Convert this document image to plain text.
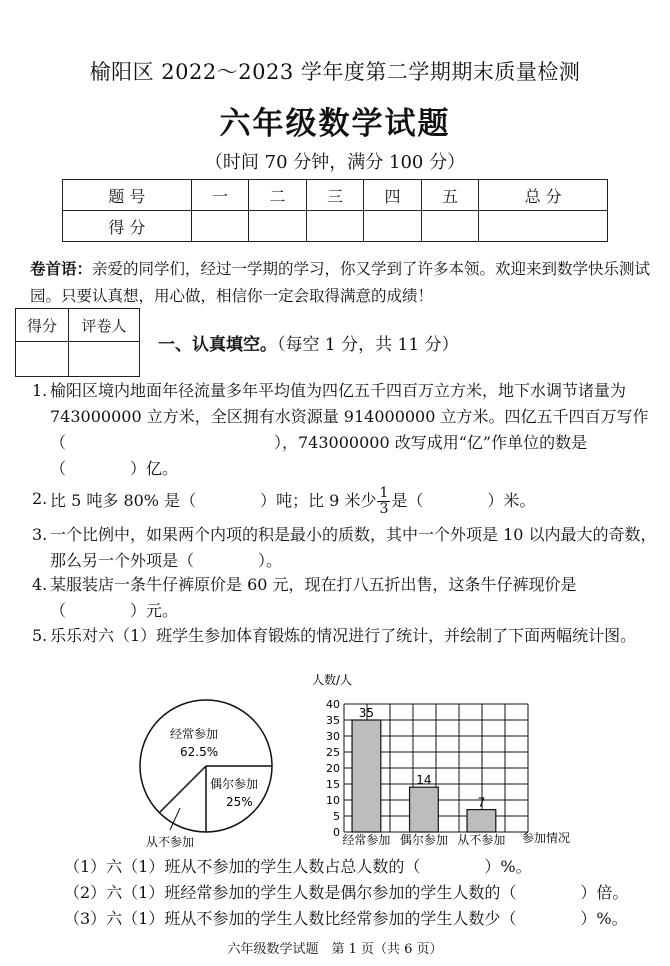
榆阳区 2022～2023 学年度第二学期期末质量检测
六年级数学试题
（时间 70 分钟，满分 100 分）
题 号	一	二	三	四	五	总 分
得 分						
卷首语：亲爱的同学们，经过一学期的学习，你又学到了许多本领。欢迎来到数学快乐测试园。只要认真想，用心做，相信你一定会取得满意的成绩！
得分	评卷人

一、认真填空。（每空 1 分，共 11 分）
1. 榆阳区境内地面年径流量多年平均值为四亿五千四百万立方米，地下水调节诸量为 743000000 立方米，全区拥有水资源量 914000000 立方米。四亿五千四百万写作（　　　　　　　　　　　　　），743000000 改写成用“亿”作单位的数是（　　　　）亿。
2. 比 5 吨多 80% 是（　　　　）吨；比 9 米少 $\frac{1}{3}$ 是（　　　　）米。
3. 一个比例中，如果两个内项的积是最小的质数，其中一个外项是 10 以内最大的奇数，那么另一个外项是（　　　　）。
4. 某服装店一条牛仔裤原价是 60 元，现在打八五折出售，这条牛仔裤现价是（　　　　）元。
5. 乐乐对六（1）班学生参加体育锻炼的情况进行了统计，并绘制了下面两幅统计图。
经常参加
62.5%
偶尔参加
25%
从不参加
人数/人
35
14
7
0
5
10
15
20
25
30
35
40
经常参加 偶尔参加 从不参加 参加情况
（1）六（1）班从不参加的学生人数占总人数的（　　　　）%。
（2）六（1）班经常参加的学生人数是偶尔参加的学生人数的（　　　　）倍。
（3）六（1）班从不参加的学生人数比经常参加的学生人数少（　　　　）%。
六年级数学试题　第 1 页（共 6 页）
